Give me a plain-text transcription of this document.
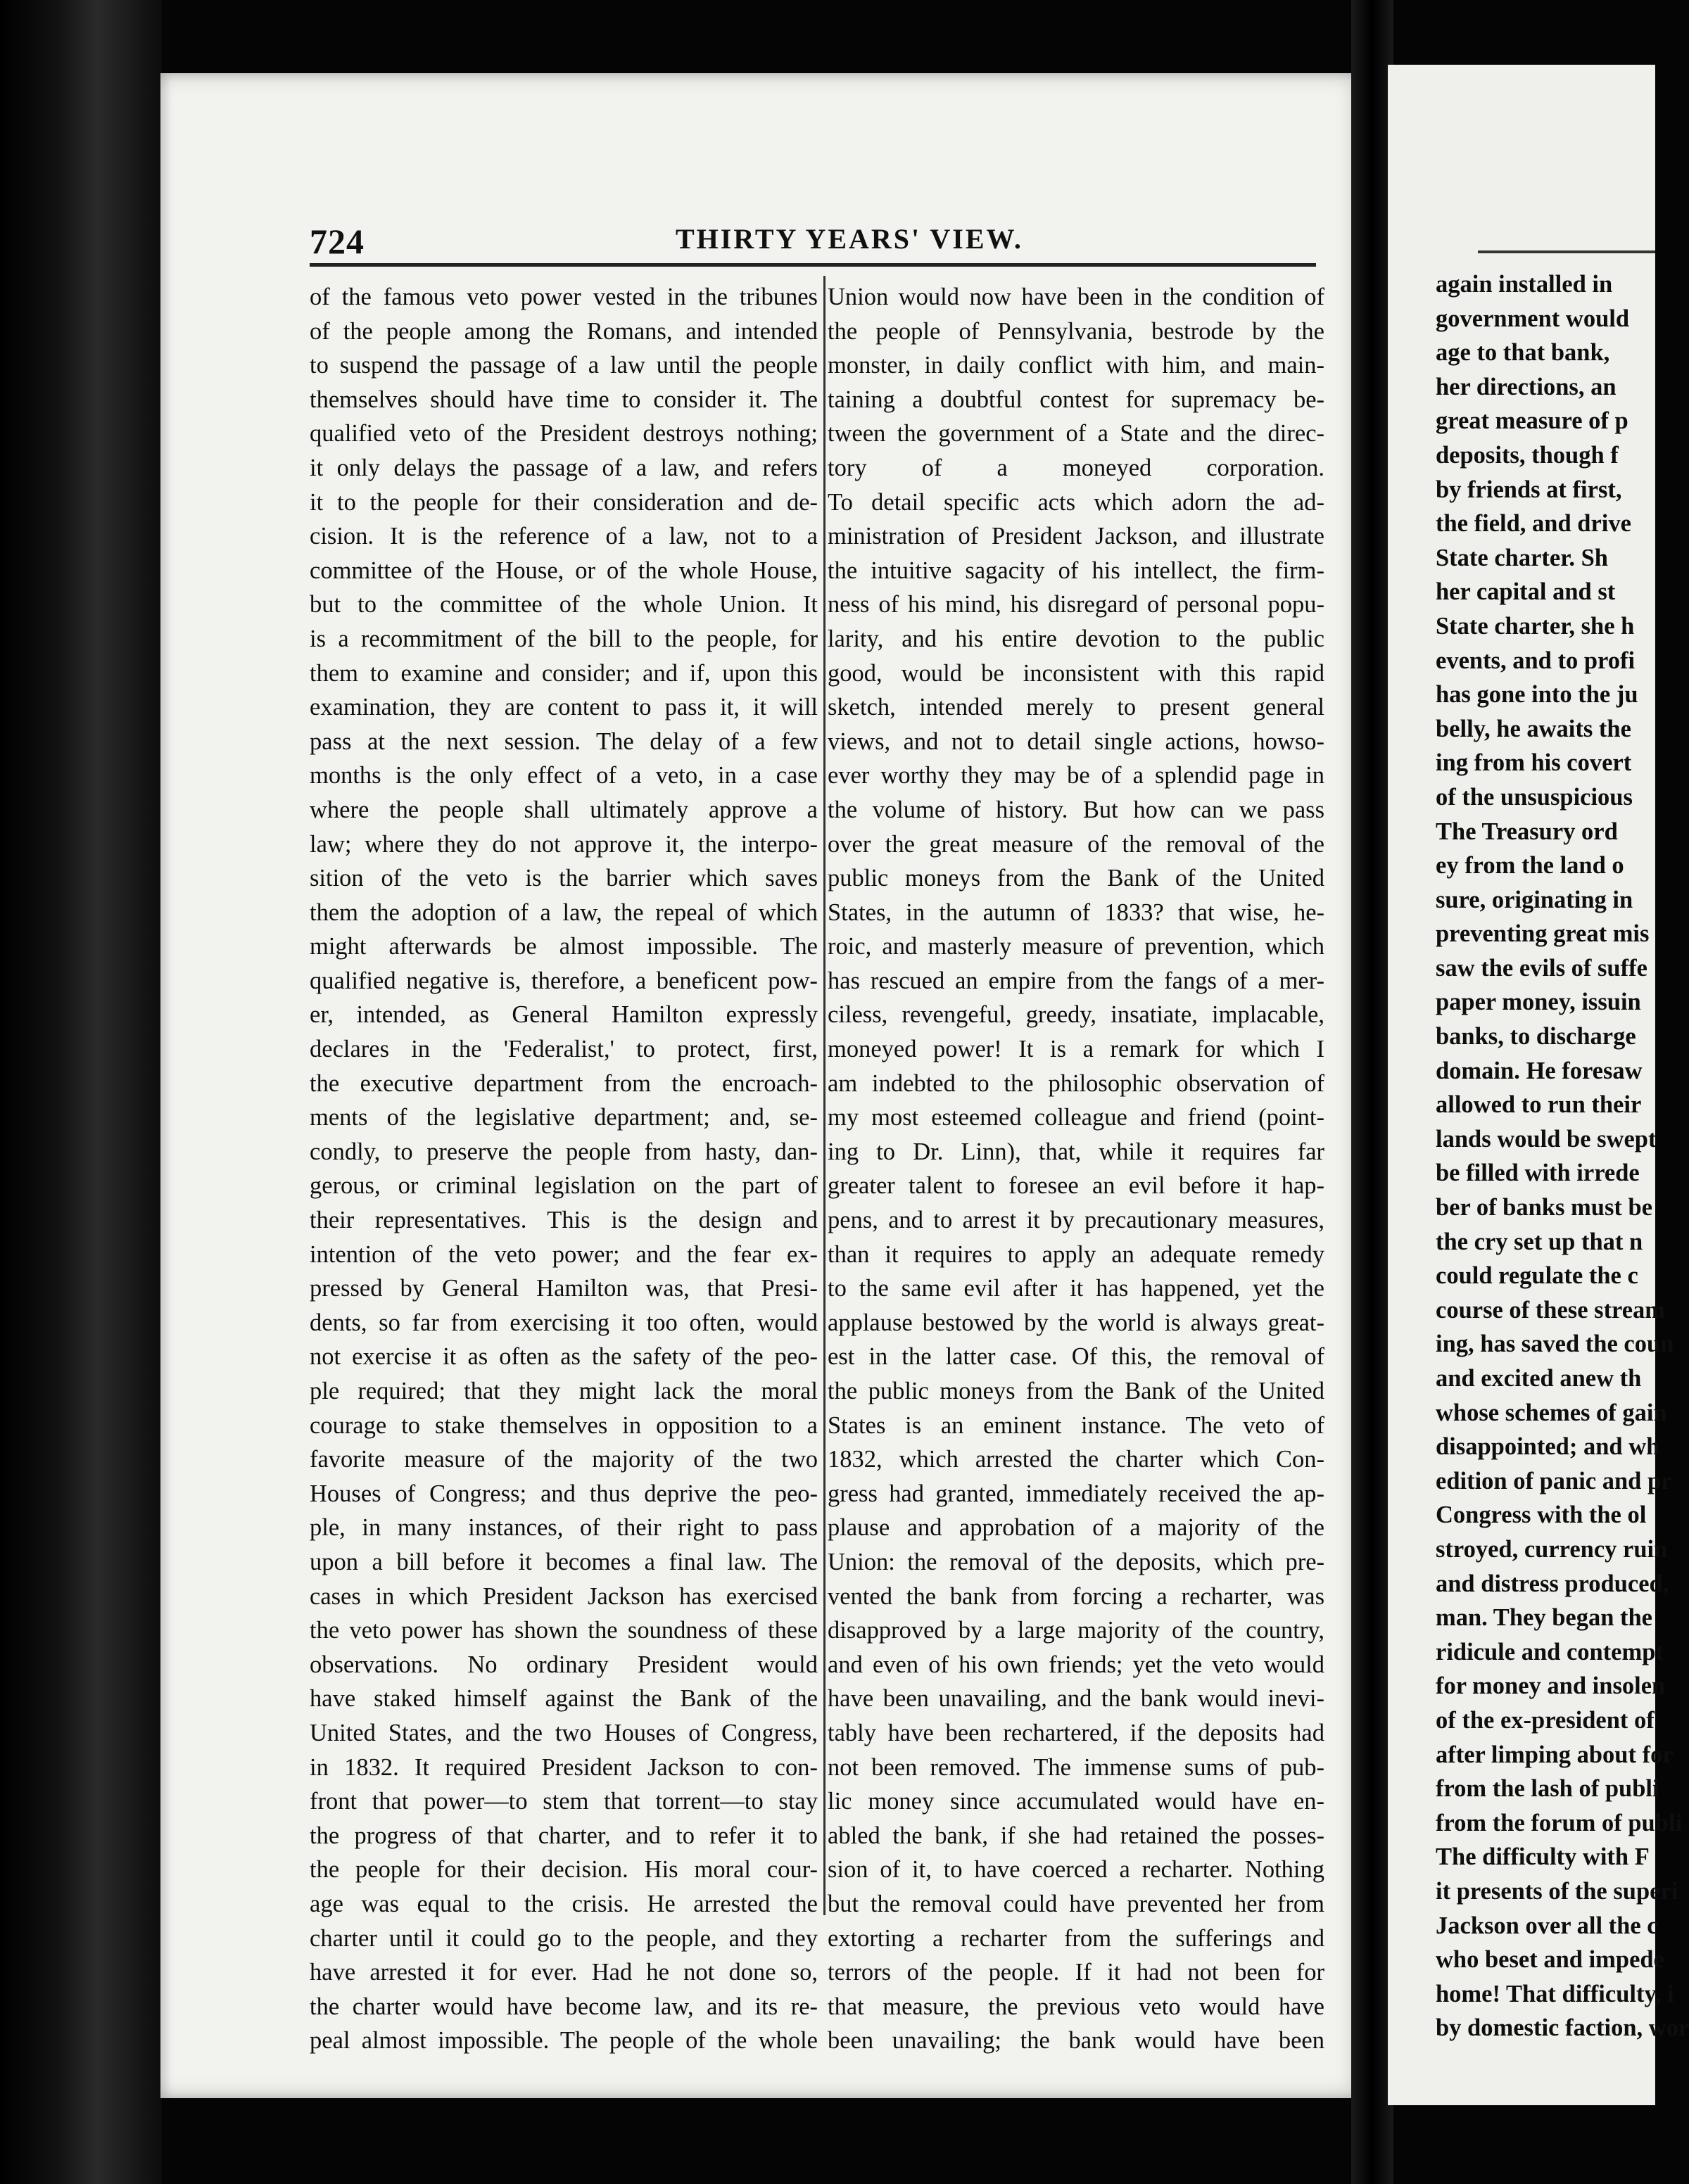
724	THIRTY YEARS' VIEW.
of the famous veto power vested in the tribunes
of the people among the Romans, and intended
to suspend the passage of a law until the people
themselves should have time to consider it. The
qualified veto of the President destroys nothing;
it only delays the passage of a law, and refers
it to the people for their consideration and de-
cision. It is the reference of a law, not to a
committee of the House, or of the whole House,
but to the committee of the whole Union. It
is a recommitment of the bill to the people, for
them to examine and consider; and if, upon this
examination, they are content to pass it, it will
pass at the next session. The delay of a few
months is the only effect of a veto, in a case
where the people shall ultimately approve a
law; where they do not approve it, the interpo-
sition of the veto is the barrier which saves
them the adoption of a law, the repeal of which
might afterwards be almost impossible. The
qualified negative is, therefore, a beneficent pow-
er, intended, as General Hamilton expressly
declares in the 'Federalist,' to protect, first,
the executive department from the encroach-
ments of the legislative department; and, se-
condly, to preserve the people from hasty, dan-
gerous, or criminal legislation on the part of
their representatives. This is the design and
intention of the veto power; and the fear ex-
pressed by General Hamilton was, that Presi-
dents, so far from exercising it too often, would
not exercise it as often as the safety of the peo-
ple required; that they might lack the moral
courage to stake themselves in opposition to a
favorite measure of the majority of the two
Houses of Congress; and thus deprive the peo-
ple, in many instances, of their right to pass
upon a bill before it becomes a final law. The
cases in which President Jackson has exercised
the veto power has shown the soundness of these
observations. No ordinary President would
have staked himself against the Bank of the
United States, and the two Houses of Congress,
in 1832. It required President Jackson to con-
front that power—to stem that torrent—to stay
the progress of that charter, and to refer it to
the people for their decision. His moral cour-
age was equal to the crisis. He arrested the
charter until it could go to the people, and they
have arrested it for ever. Had he not done so,
the charter would have become law, and its re-
peal almost impossible. The people of the whole
Union would now have been in the condition of
the people of Pennsylvania, bestrode by the
monster, in daily conflict with him, and main-
taining a doubtful contest for supremacy be-
tween the government of a State and the direc-
tory of a moneyed corporation.
To detail specific acts which adorn the ad-
ministration of President Jackson, and illustrate
the intuitive sagacity of his intellect, the firm-
ness of his mind, his disregard of personal popu-
larity, and his entire devotion to the public
good, would be inconsistent with this rapid
sketch, intended merely to present general
views, and not to detail single actions, howso-
ever worthy they may be of a splendid page in
the volume of history. But how can we pass
over the great measure of the removal of the
public moneys from the Bank of the United
States, in the autumn of 1833? that wise, he-
roic, and masterly measure of prevention, which
has rescued an empire from the fangs of a mer-
ciless, revengeful, greedy, insatiate, implacable,
moneyed power! It is a remark for which I
am indebted to the philosophic observation of
my most esteemed colleague and friend (point-
ing to Dr. Linn), that, while it requires far
greater talent to foresee an evil before it hap-
pens, and to arrest it by precautionary measures,
than it requires to apply an adequate remedy
to the same evil after it has happened, yet the
applause bestowed by the world is always great-
est in the latter case. Of this, the removal of
the public moneys from the Bank of the United
States is an eminent instance. The veto of
1832, which arrested the charter which Con-
gress had granted, immediately received the ap-
plause and approbation of a majority of the
Union: the removal of the deposits, which pre-
vented the bank from forcing a recharter, was
disapproved by a large majority of the country,
and even of his own friends; yet the veto would
have been unavailing, and the bank would inevi-
tably have been rechartered, if the deposits had
not been removed. The immense sums of pub-
lic money since accumulated would have en-
abled the bank, if she had retained the posses-
sion of it, to have coerced a recharter. Nothing
but the removal could have prevented her from
extorting a recharter from the sufferings and
terrors of the people. If it had not been for
that measure, the previous veto would have
been unavailing; the bank would have been
again installed in
government would
age to that bank,
her directions, an
great measure of p
deposits, though f
by friends at first,
the field, and drive
State charter. Sh
her capital and st
State charter, she h
events, and to profi
has gone into the ju
belly, he awaits the
ing from his covert
of the unsuspicious
The Treasury ord
ey from the land o
sure, originating in
preventing great mis
saw the evils of suffe
paper money, issuin
banks, to discharge
domain. He foresaw
allowed to run their
lands would be swept
be filled with irrede
ber of banks must be
the cry set up that n
could regulate the c
course of these stream
ing, has saved the coun
and excited anew th
whose schemes of gain
disappointed; and wh
edition of panic and pr
Congress with the ol
stroyed, currency ruin
and distress produced,
man. They began the
ridicule and contempt
for money and insolen
of the ex-president of
after limping about for
from the lash of publi
from the forum of publi
The difficulty with F
it presents of the superi
Jackson over all the c
who beset and impede
home! That difficulty, i
by domestic faction, wor
